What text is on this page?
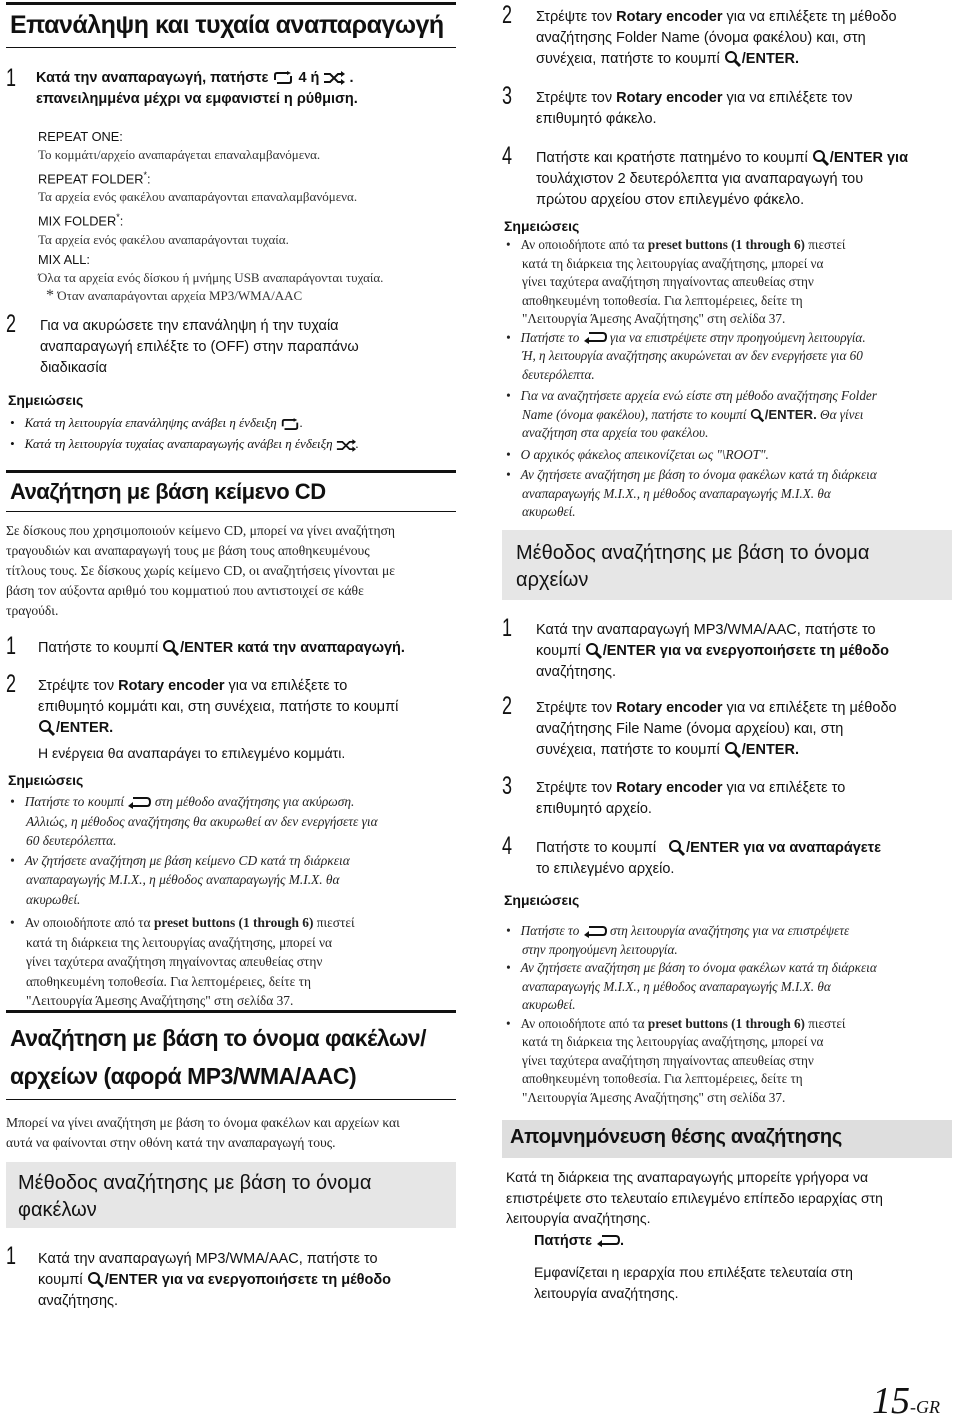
Επανάληψη και τυχαία αναπαραγωγή
1 Κατά την αναπαραγωγή, πατήστε 4 ή .
επανειλημμένα μέχρι να εμφανιστεί η ρύθμιση.
REPEAT ONE:
Το κομμάτι/αρχείο αναπαράγεται επαναλαμβανόμενα.
REPEAT FOLDER*:
Τα αρχεία ενός φακέλου αναπαράγονται επαναλαμβανόμενα.
MIX FOLDER*:
Τα αρχεία ενός φακέλου αναπαράγονται τυχαία.
MIX ALL:
Όλα τα αρχεία ενός δίσκου ή μνήμης USB αναπαράγονται τυχαία.
* Όταν αναπαράγονται αρχεία MP3/WMA/AAC
2 Για να ακυρώσετε την επανάληψη ή την τυχαία
αναπαραγωγή επιλέξτε το (OFF) στην παραπάνω
διαδικασία
Σημειώσεις
• Κατά τη λειτουργία επανάληψης ανάβει η ένδειξη .
• Κατά τη λειτουργία τυχαίας αναπαραγωγής ανάβει η ένδειξη .
Αναζήτηση με βάση κείμενο CD
Σε δίσκους που χρησιμοποιούν κείμενο CD, μπορεί να γίνει αναζήτηση
τραγουδιών και αναπαραγωγή τους με βάση τους αποθηκευμένους
τίτλους τους. Σε δίσκους χωρίς κείμενο CD, οι αναζητήσεις γίνονται με
βάση τον αύξοντα αριθμό του κομματιού που αντιστοιχεί σε κάθε
τραγούδι.
1 Πατήστε το κουμπί /ENTER κατά την αναπαραγωγή.
2 Στρέψτε τον Rotary encoder για να επιλέξετε το
επιθυμητό κομμάτι και, στη συνέχεια, πατήστε το κουμπί
/ENTER.
Η ενέργεια θα αναπαράγει το επιλεγμένο κομμάτι.
Σημειώσεις
• Πατήστε το κουμπί στη μέθοδο αναζήτησης για ακύρωση.
Αλλιώς, η μέθοδος αναζήτησης θα ακυρωθεί αν δεν ενεργήσετε για
60 δευτερόλεπτα.
• Αν ζητήσετε αναζήτηση με βάση κείμενο CD κατά τη διάρκεια
αναπαραγωγής M.I.X., η μέθοδος αναπαραγωγής M.I.X. θα
ακυρωθεί.
• Αν οποιοδήποτε από τα preset buttons (1 through 6) πιεστεί
κατά τη διάρκεια της λειτουργίας αναζήτησης, μπορεί να
γίνει ταχύτερα αναζήτηση πηγαίνοντας απευθείας στην
αποθηκευμένη τοποθεσία. Για λεπτομέρειες, δείτε τη
"Λειτουργία Άμεσης Αναζήτησης" στη σελίδα 37.
Αναζήτηση με βάση το όνομα φακέλων/
αρχείων (αφορά MP3/WMA/AAC)
Μπορεί να γίνει αναζήτηση με βάση το όνομα φακέλων και αρχείων και
αυτά να φαίνονται στην οθόνη κατά την αναπαραγωγή τους.
Μέθοδος αναζήτησης με βάση το όνομα
φακέλων
1 Κατά την αναπαραγωγή MP3/WMA/AAC, πατήστε το
κουμπί /ENTER για να ενεργοποιήσετε τη μέθοδο
αναζήτησης.
2 Στρέψτε τον Rotary encoder για να επιλέξετε τη μέθοδο
αναζήτησης Folder Name (όνομα φακέλου) και, στη
συνέχεια, πατήστε το κουμπί /ENTER.
3 Στρέψτε τον Rotary encoder για να επιλέξετε τον
επιθυμητό φάκελο.
4 Πατήστε και κρατήστε πατημένο το κουμπί /ENTER για
τουλάχιστον 2 δευτερόλεπτα για αναπαραγωγή του
πρώτου αρχείου στον επιλεγμένο φάκελο.
Σημειώσεις
• Αν οποιοδήποτε από τα preset buttons (1 through 6) πιεστεί
κατά τη διάρκεια της λειτουργίας αναζήτησης, μπορεί να
γίνει ταχύτερα αναζήτηση πηγαίνοντας απευθείας στην
αποθηκευμένη τοποθεσία. Για λεπτομέρειες, δείτε τη
"Λειτουργία Άμεσης Αναζήτησης" στη σελίδα 37.
• Πατήστε το για να επιστρέψετε στην προηγούμενη λειτουργία.
Ή, η λειτουργία αναζήτησης ακυρώνεται αν δεν ενεργήσετε για 60
δευτερόλεπτα.
• Για να αναζητήσετε αρχεία ενώ είστε στη μέθοδο αναζήτησης Folder
Name (όνομα φακέλου), πατήστε το κουμπί /ENTER. Θα γίνει
αναζήτηση στα αρχεία του φακέλου.
• Ο αρχικός φάκελος απεικονίζεται ως "\ROOT".
• Αν ζητήσετε αναζήτηση με βάση το όνομα φακέλων κατά τη διάρκεια
αναπαραγωγής M.I.X., η μέθοδος αναπαραγωγής M.I.X. θα
ακυρωθεί.
Μέθοδος αναζήτησης με βάση το όνομα
αρχείων
1 Κατά την αναπαραγωγή MP3/WMA/AAC, πατήστε το
κουμπί /ENTER για να ενεργοποιήσετε τη μέθοδο
αναζήτησης.
2 Στρέψτε τον Rotary encoder για να επιλέξετε τη μέθοδο
αναζήτησης File Name (όνομα αρχείου) και, στη
συνέχεια, πατήστε το κουμπί /ENTER.
3 Στρέψτε τον Rotary encoder για να επιλέξετε το
επιθυμητό αρχείο.
4 Πατήστε το κουμπί /ENTER για να αναπαράγετε
το επιλεγμένο αρχείο.
Σημειώσεις
• Πατήστε το στη λειτουργία αναζήτησης για να επιστρέψετε
στην προηγούμενη λειτουργία.
• Αν ζητήσετε αναζήτηση με βάση το όνομα φακέλων κατά τη διάρκεια
αναπαραγωγής M.I.X., η μέθοδος αναπαραγωγής M.I.X. θα
ακυρωθεί.
• Αν οποιοδήποτε από τα preset buttons (1 through 6) πιεστεί
κατά τη διάρκεια της λειτουργίας αναζήτησης, μπορεί να
γίνει ταχύτερα αναζήτηση πηγαίνοντας απευθείας στην
αποθηκευμένη τοποθεσία. Για λεπτομέρειες, δείτε τη
"Λειτουργία Άμεσης Αναζήτησης" στη σελίδα 37.
Απομνημόνευση θέσης αναζήτησης
Κατά τη διάρκεια της αναπαραγωγής μπορείτε γρήγορα να
επιστρέψετε στο τελευταίο επιλεγμένο επίπεδο ιεραρχίας στη
λειτουργία αναζήτησης.
Πατήστε .
Εμφανίζεται η ιεραρχία που επιλέξατε τελευταία στη
λειτουργία αναζήτησης.
15-GR
